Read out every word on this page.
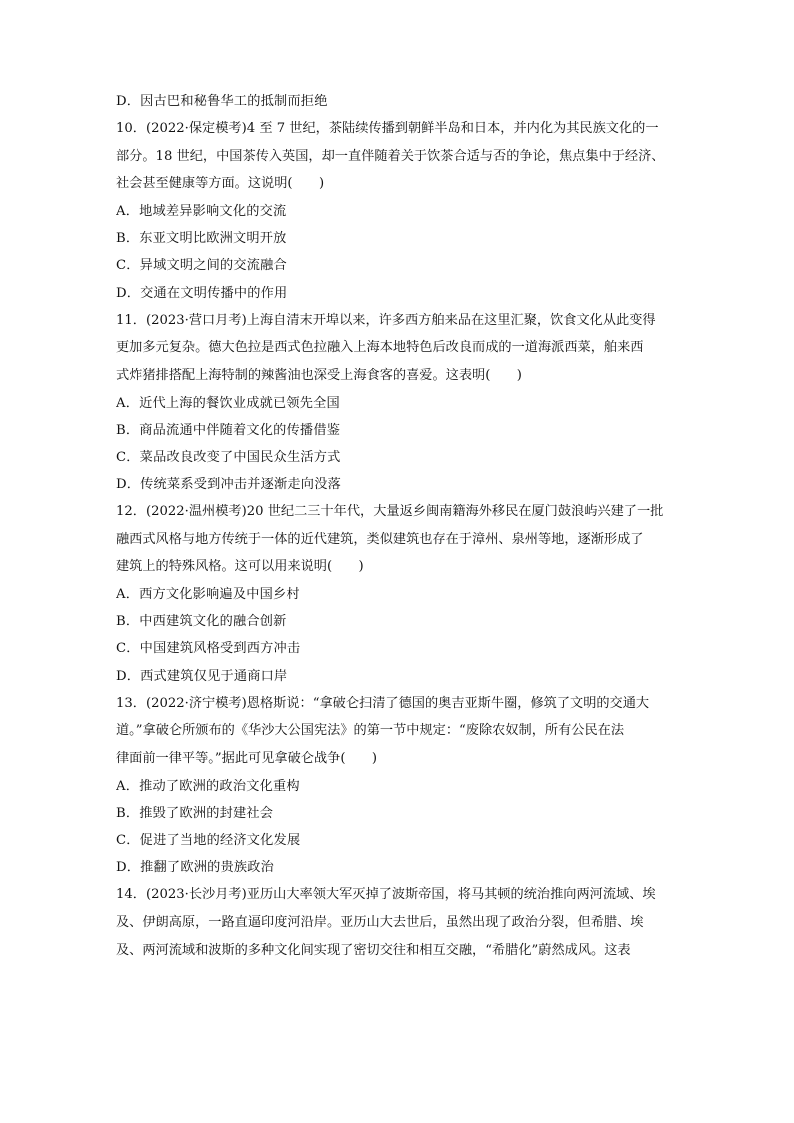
D．因古巴和秘鲁华工的抵制而拒绝
10．(2022·保定模考)4 至 7 世纪，茶陆续传播到朝鲜半岛和日本，并内化为其民族文化的一
部分。18 世纪，中国茶传入英国，却一直伴随着关于饮茶合适与否的争论，焦点集中于经济、
社会甚至健康等方面。这说明(　　)
A．地域差异影响文化的交流
B．东亚文明比欧洲文明开放
C．异域文明之间的交流融合
D．交通在文明传播中的作用
11．(2023·营口月考)上海自清末开埠以来，许多西方舶来品在这里汇聚，饮食文化从此变得
更加多元复杂。德大色拉是西式色拉融入上海本地特色后改良而成的一道海派西菜，舶来西
式炸猪排搭配上海特制的辣酱油也深受上海食客的喜爱。这表明(　　)
A．近代上海的餐饮业成就已领先全国
B．商品流通中伴随着文化的传播借鉴
C．菜品改良改变了中国民众生活方式
D．传统菜系受到冲击并逐渐走向没落
12．(2022·温州模考)20 世纪二三十年代，大量返乡闽南籍海外移民在厦门鼓浪屿兴建了一批
融西式风格与地方传统于一体的近代建筑，类似建筑也存在于漳州、泉州等地，逐渐形成了
建筑上的特殊风格。这可以用来说明(　　)
A．西方文化影响遍及中国乡村
B．中西建筑文化的融合创新
C．中国建筑风格受到西方冲击
D．西式建筑仅见于通商口岸
13．(2022·济宁模考)恩格斯说：“拿破仑扫清了德国的奥吉亚斯牛圈，修筑了文明的交通大
道。”拿破仑所颁布的《华沙大公国宪法》的第一节中规定：“废除农奴制，所有公民在法
律面前一律平等。”据此可见拿破仑战争(　　)
A．推动了欧洲的政治文化重构
B．推毁了欧洲的封建社会
C．促进了当地的经济文化发展
D．推翻了欧洲的贵族政治
14．(2023·长沙月考)亚历山大率领大军灭掉了波斯帝国，将马其顿的统治推向两河流域、埃
及、伊朗高原，一路直逼印度河沿岸。亚历山大去世后，虽然出现了政治分裂，但希腊、埃
及、两河流域和波斯的多种文化间实现了密切交往和相互交融，“希腊化”蔚然成风。这表
